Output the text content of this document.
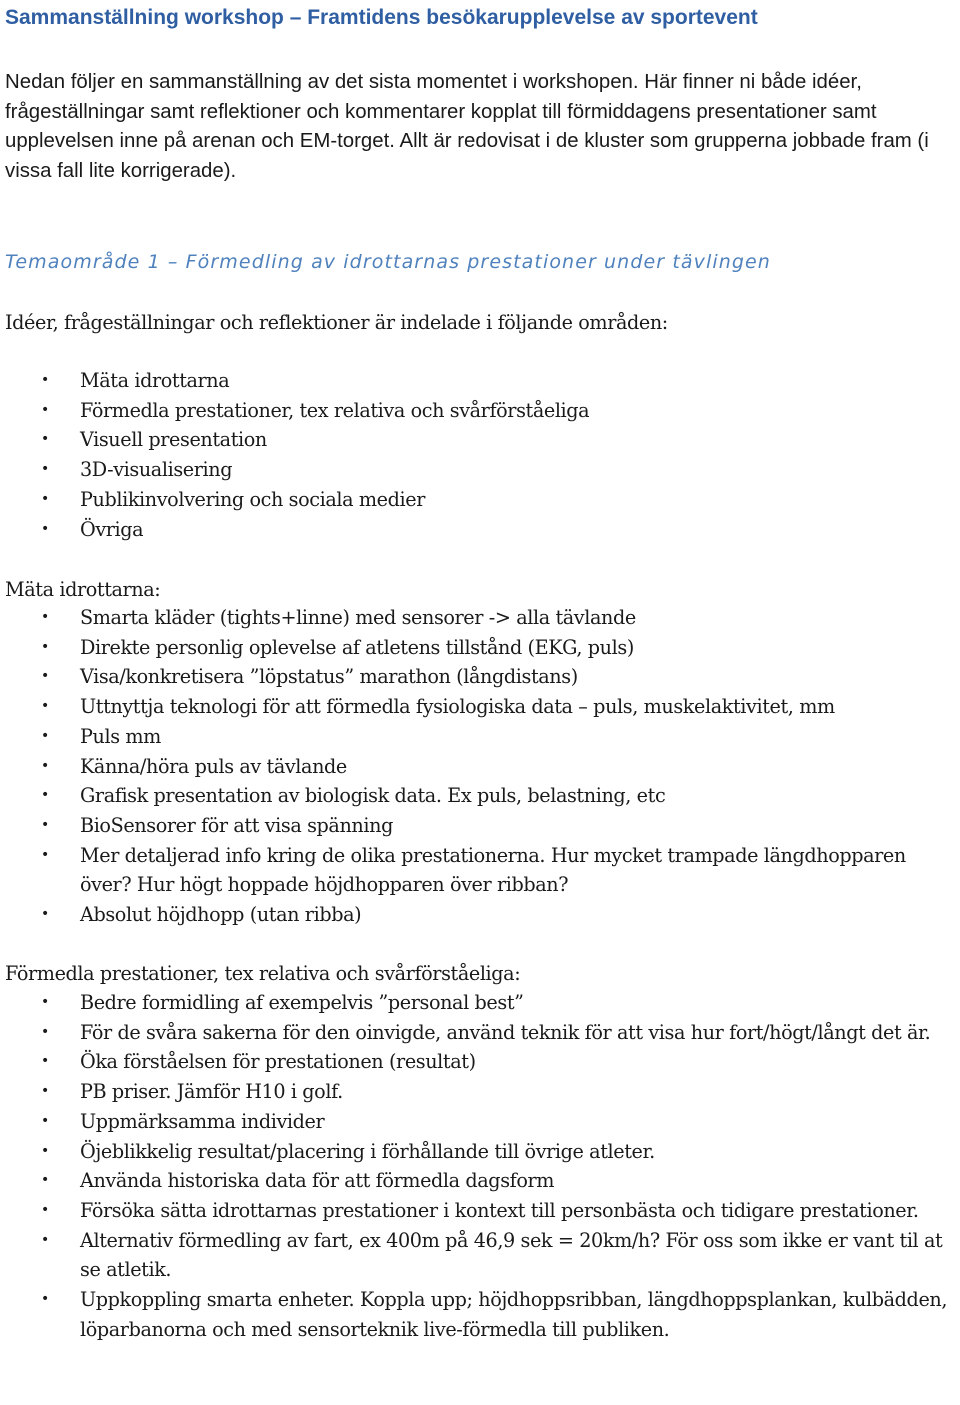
Sammanställning workshop – Framtidens besökarupplevelse av sportevent

Nedan följer en sammanställning av det sista momentet i workshopen. Här finner ni både idéer, frågeställningar samt reflektioner och kommentarer kopplat till förmiddagens presentationer samt upplevelsen inne på arenan och EM-torget. Allt är redovisat i de kluster som grupperna jobbade fram (i vissa fall lite korrigerade).

Temaområde 1 – Förmedling av idrottarnas prestationer under tävlingen

Idéer, frågeställningar och reflektioner är indelade i följande områden:

•
Mäta idrottarna
•
Förmedla prestationer, tex relativa och svårförståeliga
•
Visuell presentation
•
3D-visualisering
•
Publikinvolvering och sociala medier
•
Övriga

Mäta idrottarna:

•
Smarta kläder (tights+linne) med sensorer -> alla tävlande
•
Direkte personlig oplevelse af atletens tillstånd (EKG, puls)
•
Visa/konkretisera ”löpstatus” marathon (långdistans)
•
Uttnyttja teknologi för att förmedla fysiologiska data – puls, muskelaktivitet, mm
•
Puls mm
•
Känna/höra puls av tävlande
•
Grafisk presentation av biologisk data. Ex puls, belastning, etc
•
BioSensorer för att visa spänning
•
Mer detaljerad info kring de olika prestationerna. Hur mycket trampade längdhopparen över? Hur högt hoppade höjdhopparen över ribban?
•
Absolut höjdhopp (utan ribba)

Förmedla prestationer, tex relativa och svårförståeliga:

•
Bedre formidling af exempelvis ”personal best”
•
För de svåra sakerna för den oinvigde, använd teknik för att visa hur fort/högt/långt det är.
•
Öka förståelsen för prestationen (resultat)
•
PB priser. Jämför H10 i golf.
•
Uppmärksamma individer
•
Öjeblikkelig resultat/placering i förhållande till övrige atleter.
•
Använda historiska data för att förmedla dagsform
•
Försöka sätta idrottarnas prestationer i kontext till personbästa och tidigare prestationer.
•
Alternativ förmedling av fart, ex 400m på 46,9 sek = 20km/h? För oss som ikke er vant til at se atletik.
•
Uppkoppling smarta enheter. Koppla upp; höjdhoppsribban, längdhoppsplankan, kulbädden, löparbanorna och med sensorteknik live-förmedla till publiken.
